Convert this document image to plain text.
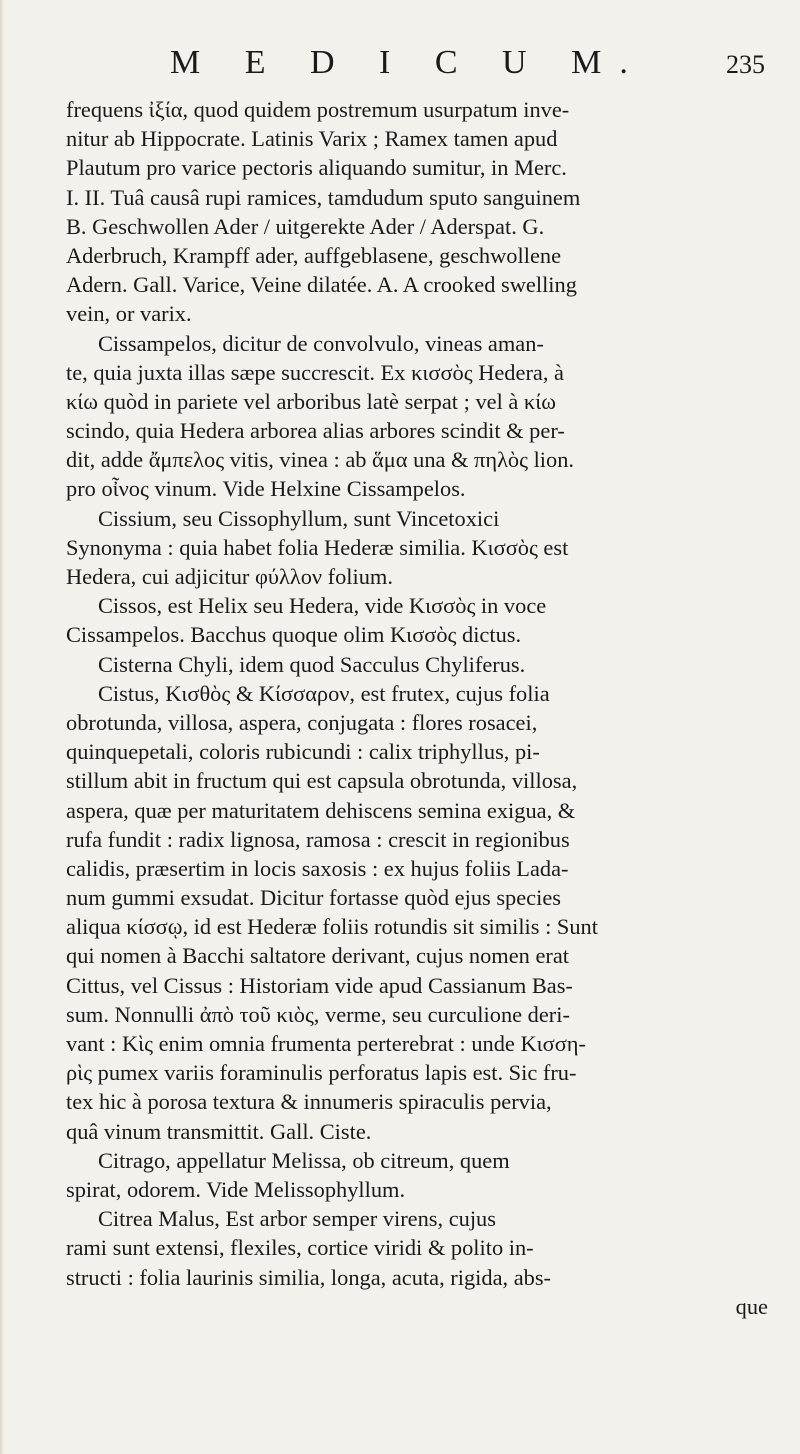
M E D I C U M.	235
frequens ἰξία, quod quidem postremum usurpatum inve-
nitur ab Hippocrate. Latinis Varix ; Ramex tamen apud
Plautum pro varice pectoris aliquando sumitur, in Merc.
I. II. Tuâ causâ rupi ramices, tamdudum sputo sanguinem
B. Geschwollen Ader / uitgerekte Ader / Aderspat. G.
Aderbruch, Krampff ader, auffgeblasene, geschwollene
Adern. Gall. Varice, Veine dilatée. A. A crooked swelling
vein, or varix.
Cissampelos, dicitur de convolvulo, vineas aman-
te, quia juxta illas sæpe succrescit. Ex κισσὸς Hedera, à
κίω quòd in pariete vel arboribus latè serpat ; vel à κίω
scindo, quia Hedera arborea alias arbores scindit & per-
dit, adde ἄμπελος vitis, vinea : ab ἅμα una & πηλὸς lion.
pro οἶνος vinum. Vide Helxine Cissampelos.
Cissium, seu Cissophyllum, sunt Vincetoxici
Synonyma : quia habet folia Hederæ similia. Κισσὸς est
Hedera, cui adjicitur φύλλον folium.
Cissos, est Helix seu Hedera, vide Κισσὸς in voce
Cissampelos. Bacchus quoque olim Κισσὸς dictus.
Cisterna Chyli, idem quod Sacculus Chyliferus.
Cistus, Κισθὸς & Κίσσαρον, est frutex, cujus folia
obrotunda, villosa, aspera, conjugata : flores rosacei,
quinquepetali, coloris rubicundi : calix triphyllus, pi-
stillum abit in fructum qui est capsula obrotunda, villosa,
aspera, quæ per maturitatem dehiscens semina exigua, &
rufa fundit : radix lignosa, ramosa : crescit in regionibus
calidis, præsertim in locis saxosis : ex hujus foliis Lada-
num gummi exsudat. Dicitur fortasse quòd ejus species
aliqua κίσσῳ, id est Hederæ foliis rotundis sit similis : Sunt
qui nomen à Bacchi saltatore derivant, cujus nomen erat
Cittus, vel Cissus : Historiam vide apud Cassianum Bas-
sum. Nonnulli ἀπὸ τοῦ κιὸς, verme, seu curculione deri-
vant : Κὶς enim omnia frumenta perterebrat : unde Κισση-
ρὶς pumex variis foraminulis perforatus lapis est. Sic fru-
tex hic à porosa textura & innumeris spiraculis pervia,
quâ vinum transmittit. Gall. Ciste.
Citrago, appellatur Melissa, ob citreum, quem
spirat, odorem. Vide Melissophyllum.
Citrea Malus, Est arbor semper virens, cujus
rami sunt extensi, flexiles, cortice viridi & polito in-
structi : folia laurinis similia, longa, acuta, rigida, abs-
que
